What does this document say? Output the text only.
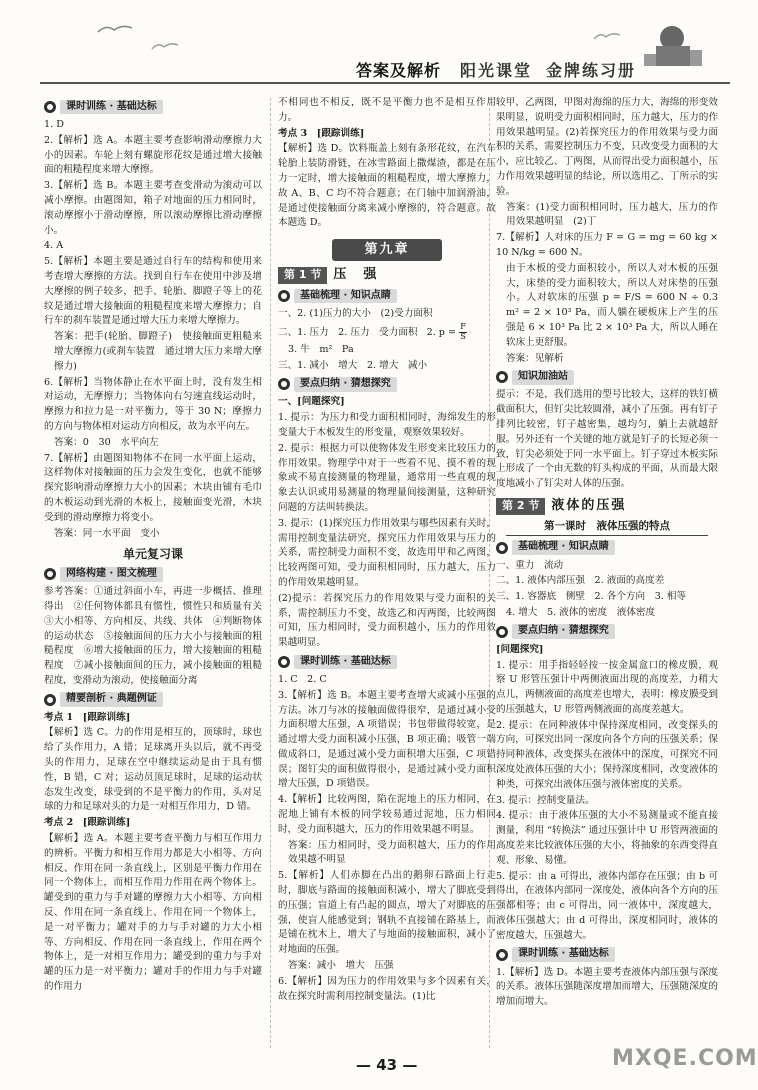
答案及解析 阳光课堂 金牌练习册
课时训练 · 基础达标

1. D

2.【解析】选 A。本题主要考查影响滑动摩擦力大小的因素。车轮上刻有螺旋形花纹是通过增大接触面的粗糙程度来增大摩擦。

3.【解析】选 B。本题主要考查变滑动为滚动可以减小摩擦。由题图知，箱子对地面的压力相同时，滚动摩擦小于滑动摩擦，所以滚动摩擦比滑动摩擦小。

4. A

5.【解析】本题主要是通过自行车的结构和使用来考查增大摩擦的方法。找到自行车在使用中涉及增大摩擦的例子较多，把手、轮胎、脚蹬子等上的花纹是通过增大接触面的粗糙程度来增大摩擦力；自行车的刹车装置是通过增大压力来增大摩擦力。

答案：把手(轮胎、脚蹬子)　使接触面更粗糙来增大摩擦力(或刹车装置　通过增大压力来增大摩擦力)

6.【解析】当物体静止在水平面上时，没有发生相对运动，无摩擦力；当物体向右匀速直线运动时，摩擦力和拉力是一对平衡力，等于 30 N；摩擦力的方向与物体相对运动方向相反，故为水平向左。

答案：0　30　水平向左

7.【解析】由题图知物体不在同一水平面上运动，这样物体对接触面的压力会发生变化，也就不能够探究影响滑动摩擦力大小的因素；木块由铺有毛巾的木板运动到光滑的木板上，接触面变光滑，木块受到的滑动摩擦力将变小。

答案：同一水平面　变小

单元复习课
网络构建 · 图文梳理

参考答案：①通过斜面小车，再进一步概括、推理得出　②任何物体都具有惯性，惯性只和质量有关　③大小相等、方向相反、共线、共体　④判断物体的运动状态　⑤接触面间的压力大小与接触面的粗糙程度　⑥增大接触面的压力，增大接触面的粗糙程度　⑦减小接触面间的压力，减小接触面的粗糙程度，变滑动为滚动，使接触面分离

精要剖析 · 典题例证

考点 1　[跟踪训练]

【解析】选 C。力的作用是相互的，顶球时，球也给了头作用力，A 错；足球离开头以后，就不再受头的作用力，足球在空中继续运动是由于具有惯性，B 错，C 对；运动员顶足球时，足球的运动状态发生改变，球受到的不是平衡力的作用，头对足球的力和足球对头的力是一对相互作用力，D 错。

考点 2　[跟踪训练]

【解析】选 A。本题主要考查平衡力与相互作用力的辨析。平衡力和相互作用力都是大小相等、方向相反、作用在同一条直线上，区别是平衡力作用在同一个物体上，而相互作用力作用在两个物体上。罐受到的重力与手对罐的摩擦力大小相等、方向相反、作用在同一条直线上、作用在同一个物体上，是一对平衡力；罐对手的力与手对罐的力大小相等、方向相反、作用在同一条直线上，作用在两个物体上，是一对相互作用力；罐受到的重力与手对罐的压力是一对平衡力；罐对手的作用力与手对罐的作用力

不相同也不相反，既不是平衡力也不是相互作用力。

考点 3　[跟踪训练]

【解析】选 D。饮料瓶盖上刻有条形花纹，在汽车轮胎上装防滑链，在冰雪路面上撒煤渣，都是在压力一定时，增大接触面的粗糙程度，增大摩擦力，故 A、B、C 均不符合题意；在门轴中加润滑油，是通过使接触面分离来减小摩擦的，符合题意。故本题选 D。

第九章
第 1 节 压　强
基础梳理 · 知识点睛

一、2. (1)压力的大小　(2)受力面积

二、1. 压力　2. 压力　受力面积 2. $p = \frac{F}{S}$

3. 牛　m²　Pa

三、1. 减小　增大　2. 增大　减小

要点归纳 · 猜想探究

一、[问题探究]

1. 提示：为压力和受力面积相同时，海绵发生的形变量大于木板发生的形变量，观察效果较好。

2. 提示：根据力可以使物体发生形变来比较压力的作用效果。物理学中对于一些看不见、摸不着的现象或不易直接测量的物理量，通常用一些直观的现象去认识或用易测量的物理量间接测量，这种研究问题的方法叫转换法。

3. 提示：(1)探究压力作用效果与哪些因素有关时，需用控制变量法研究，探究压力作用效果与压力的关系，需控制受力面积不变，故选用甲和乙两图，比较两图可知，受力面积相同时，压力越大，压力的作用效果越明显。

(2)提示：若探究压力的作用效果与受力面积的关系，需控制压力不变，故选乙和丙两图，比较两图可知，压力相同时，受力面积越小，压力的作用效果越明显。

课时训练 · 基础达标

1. C　2. C

3.【解析】选 B。本题主要考查增大或减小压强的方法。冰刀与冰的接触面做得很窄，是通过减小受力面积增大压强，A 项错误；书包带做得较宽，是通过增大受力面积减小压强，B 项正确；吸管一端做成斜口，是通过减小受力面积增大压强，C 项错误；图钉尖的面积做得很小，是通过减小受力面积增大压强，D 项错误。

4.【解析】比较两图，陷在泥地上的压力相同，在泥地上铺有木板的同学较易通过泥地，压力相同时，受力面积越大，压力的作用效果越不明显。

答案：压力相同时，受力面积越大，压力的作用效果越不明显

5.【解析】人们赤脚在凸出的鹅卵石路面上行走时，脚底与路面的接触面积减小，增大了脚底受到的压强；盲道上有凸起的圆点，增大了对脚底的压强，使盲人能感觉到；钢轨不直接铺在路基上，而是铺在枕木上，增大了与地面的接触面积，减小了对地面的压强。

答案：减小　增大　压强

6.【解析】因为压力的作用效果与多个因素有关，故在探究时需利用控制变量法。(1)比

较甲、乙两图，甲图对海绵的压力大，海绵的形变效果明显，说明受力面积相同时，压力越大，压力的作用效果越明显。(2)若探究压力的作用效果与受力面积的关系，需要控制压力不变，只改变受力面积的大小，应比较乙、丁两图，从而得出受力面积越小，压力作用效果越明显的结论，所以选用乙、丁所示的实验。

答案：(1)受力面积相同时，压力越大，压力的作用效果越明显　(2)丁

7.【解析】人对床的压力 F = G = mg = 60 kg × 10 N/kg = 600 N。

由于木板的受力面积较小，所以人对木板的压强大，床垫的受力面积较大，所以人对床垫的压强小。人对软床的压强 p = F/S = 600 N ÷ 0.3 m² = 2 × 10³ Pa，而人躺在硬板床上产生的压强是 6 × 10³ Pa 比 2 × 10³ Pa 大，所以人睡在软床上更舒服。

答案：见解析

知识加油站

提示：不是，我们选用的型号比较大，这样的铁钉横截面积大，但钉尖比较圆滑，减小了压强。再有钉子排列比较密，钉子越密集，越均匀，躺上去就越舒服。另外还有一个关键的地方就是钉子的长短必须一致，钉尖必须处于同一水平面上。钉子穿过木板实际上形成了一个由无数的钉头构成的平面，从而最大限度地减小了钉尖对人体的压强。

第 2 节 液体的压强
第一课时　液体压强的特点
基础梳理 · 知识点睛

一、重力　流动

二、1. 液体内部压强　2. 液面的高度差

三、1. 容器底　侧壁　2. 各个方向　3. 相等

4. 增大　5. 液体的密度　液体密度

要点归纳 · 猜想探究

[问题探究]

1. 提示：用手指轻轻按一按金属盒口的橡皮膜，观察 U 形管压强计中两侧液面出现的高度差，力稍大点儿，两侧液面的高度差也增大，表明：橡皮膜受到的压强越大，U 形管两侧液面的高度差越大。

2. 提示：在同种液体中保持深度相同，改变探头的方向，可探究出同一深度向各个方向的压强关系；保持同种液体，改变探头在液体中的深度，可探究不同深度处液体压强的大小；保持深度相同，改变液体的种类，可探究出液体压强与液体密度的关系。

3. 提示：控制变量法。

4. 提示：由于液体压强的大小不易测量或不能直接测量，利用 “转换法” 通过压强计中 U 形管两液面的高度差来比较液体压强的大小，将抽象的东西变得直观、形象、易懂。

5. 提示：由 a 可得出，液体内部存在压强；由 b 可得出，在液体内部同一深度处，液体向各个方向的压强都相等；由 c 可得出，同一液体中，深度越大，液体压强越大；由 d 可得出，深度相同时，液体的密度越大，压强越大。

课时训练 · 基础达标

1.【解析】选 D。本题主要考查液体内部压强与深度的关系。液体压强随深度增加而增大，压强随深度的增加而增大。

— 43 —	MXQE.COM
